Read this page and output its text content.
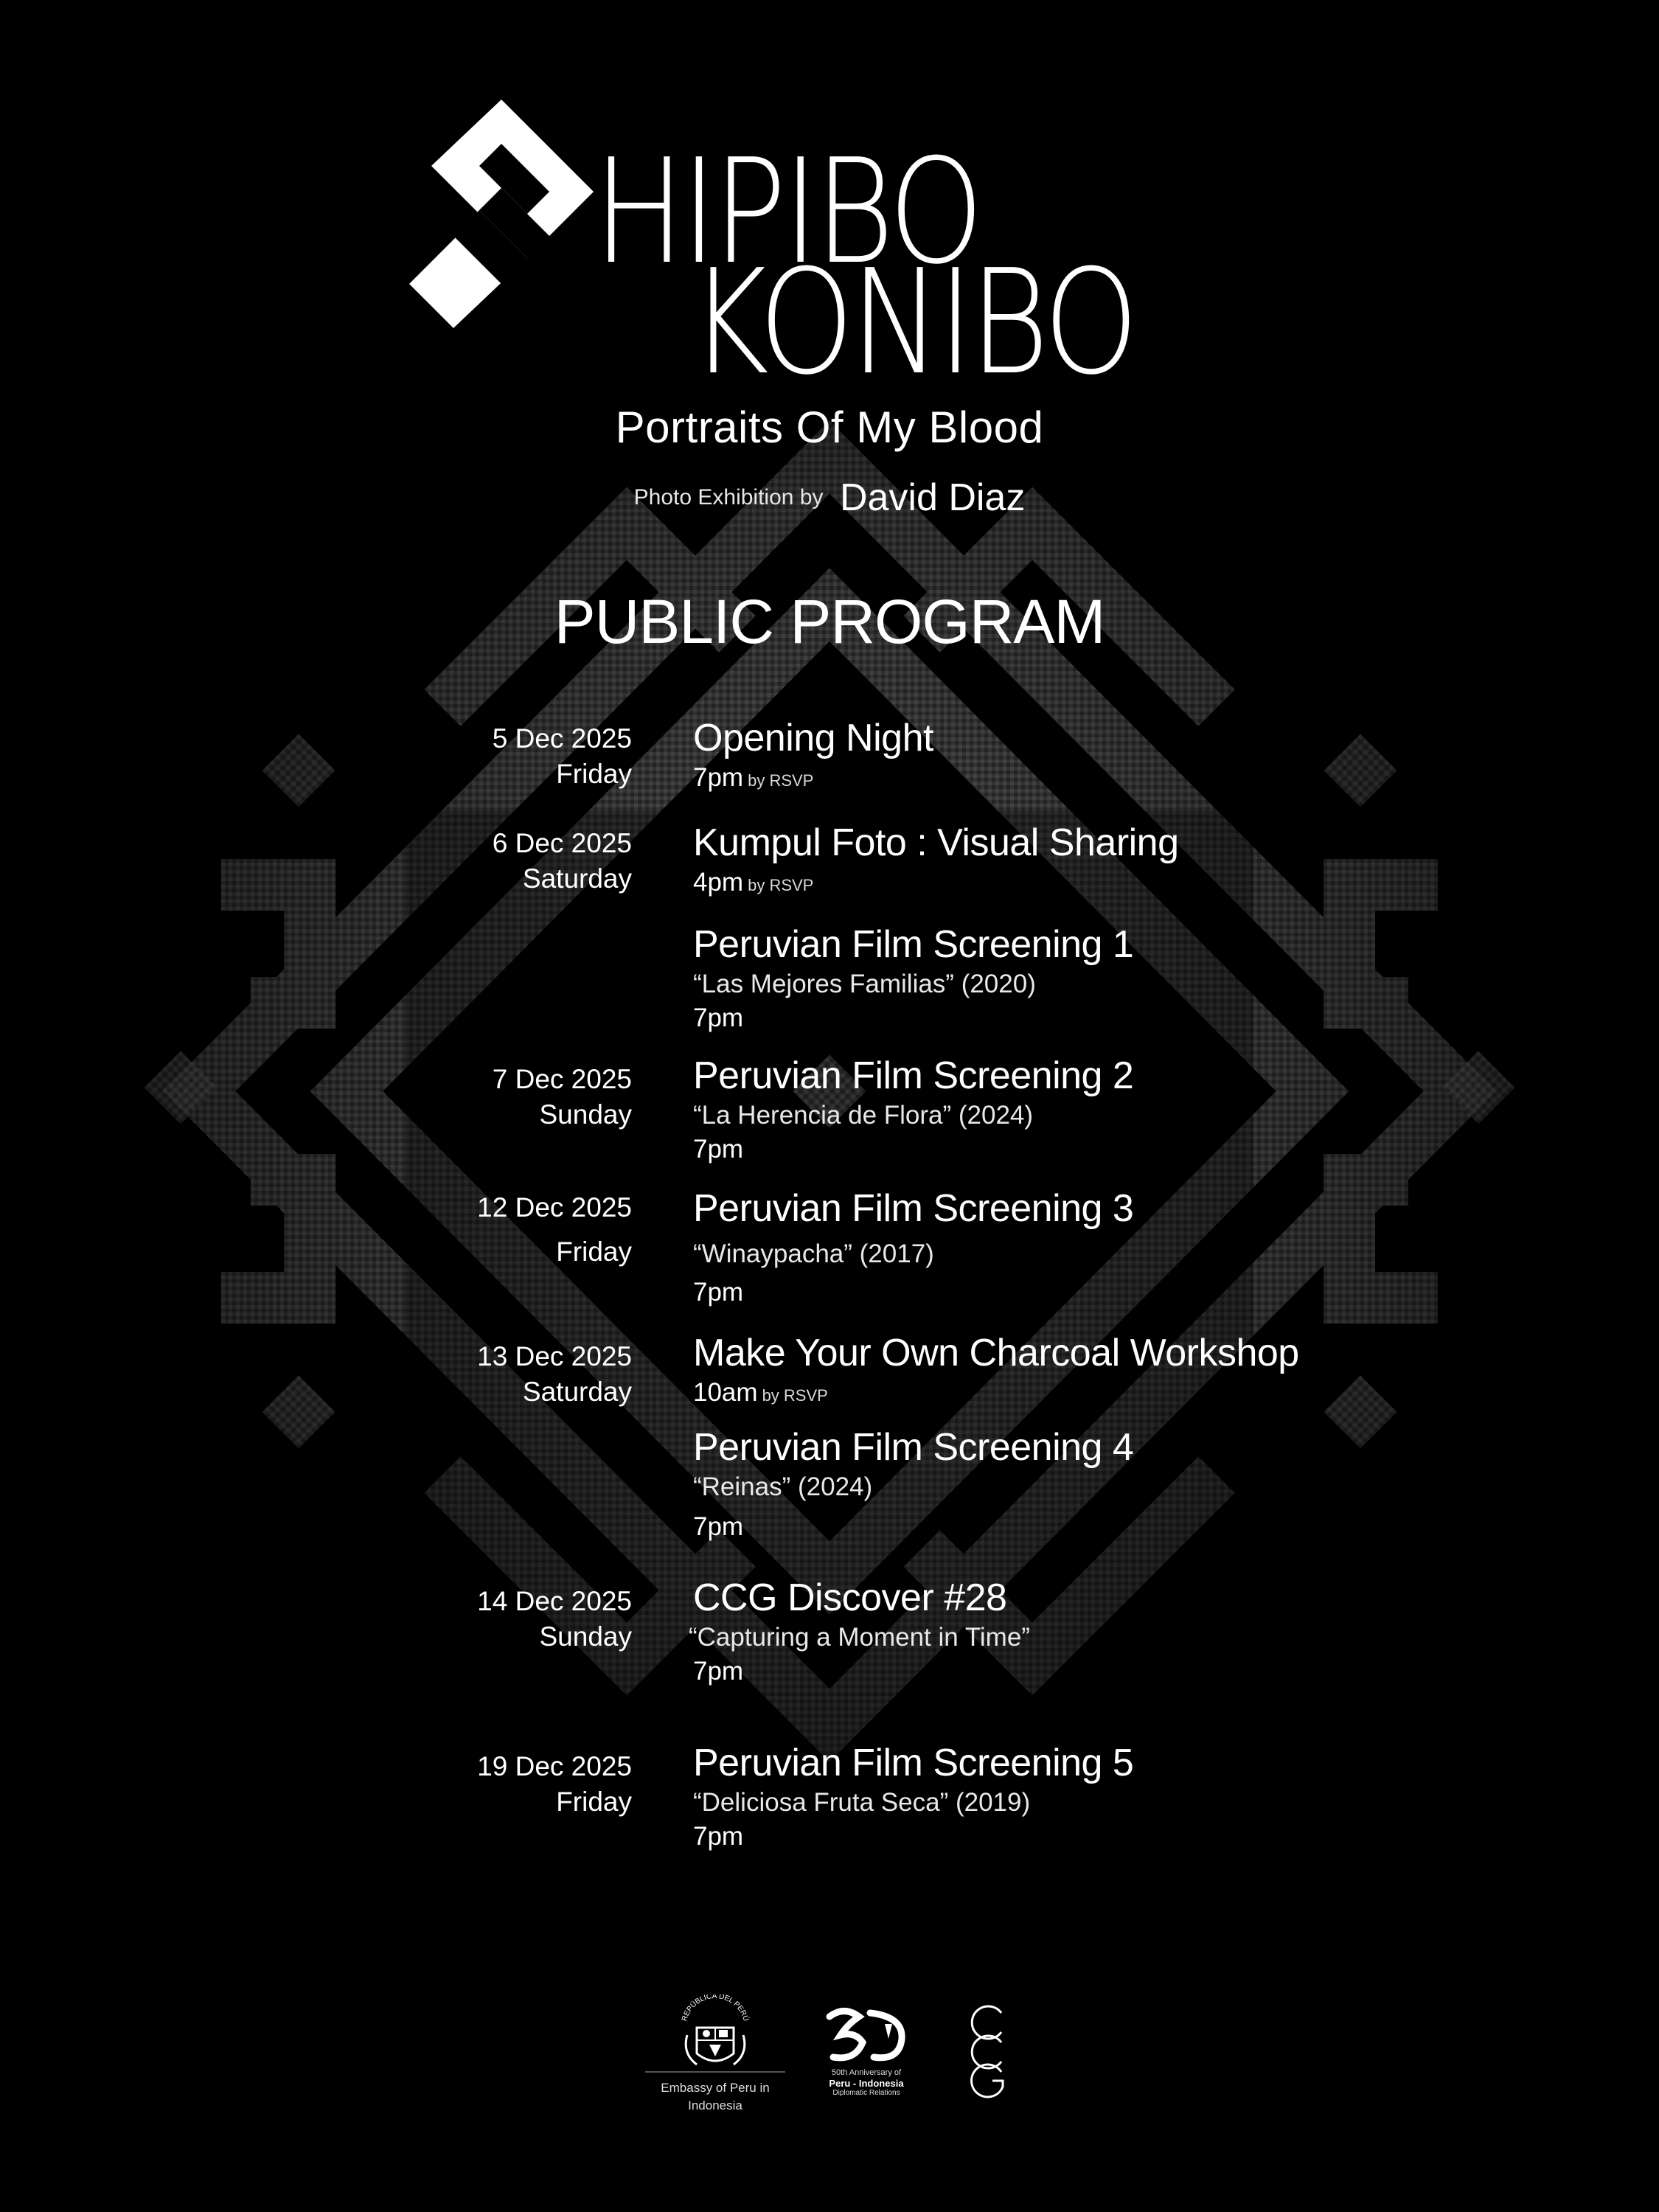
HIPIBO
KONIBO
Portraits Of My Blood
Photo Exhibition by David Diaz
PUBLIC PROGRAM
5 Dec 2025
Friday
Opening Night
7pm by RSVP
6 Dec 2025
Saturday
Kumpul Foto : Visual Sharing
4pm by RSVP
Peruvian Film Screening 1
“Las Mejores Familias” (2020)
7pm
7 Dec 2025
Sunday
Peruvian Film Screening 2
“La Herencia de Flora” (2024)
7pm
12 Dec 2025
Friday
Peruvian Film Screening 3
“Winaypacha” (2017)
7pm
13 Dec 2025
Saturday
Make Your Own Charcoal Workshop
10am by RSVP
Peruvian Film Screening 4
“Reinas” (2024)
7pm
14 Dec 2025
Sunday
CCG Discover #28
“Capturing a Moment in Time”
7pm
19 Dec 2025
Friday
Peruvian Film Screening 5
“Deliciosa Fruta Seca” (2019)
7pm
REPÚBLICA DEL PERÚ
Embassy of Peru in
Indonesia
50th Anniversary of
Peru - Indonesia
Diplomatic Relations
